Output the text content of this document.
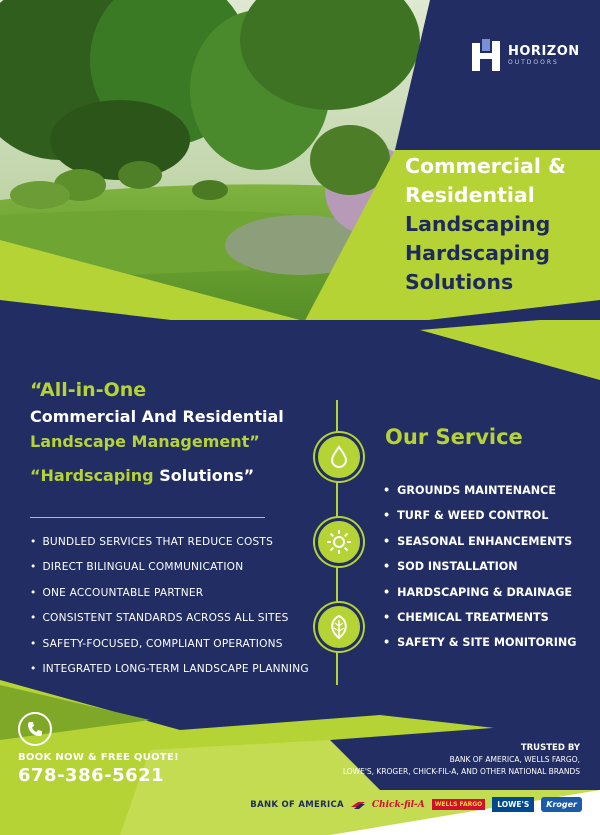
HORIZON
OUTDOORS
Commercial &
Residential
Landscaping
Hardscaping
Solutions
“All-in-One
Commercial And Residential
Landscape Management”
“Hardscaping Solutions”
• BUNDLED SERVICES THAT REDUCE COSTS
• DIRECT BILINGUAL COMMUNICATION
• ONE ACCOUNTABLE PARTNER
• CONSISTENT STANDARDS ACROSS ALL SITES
• SAFETY-FOCUSED, COMPLIANT OPERATIONS
• INTEGRATED LONG-TERM LANDSCAPE PLANNING
Our Service
• GROUNDS MAINTENANCE
• TURF & WEED CONTROL
• SEASONAL ENHANCEMENTS
• SOD INSTALLATION
• HARDSCAPING & DRAINAGE
• CHEMICAL TREATMENTS
• SAFETY & SITE MONITORING
BOOK NOW & FREE QUOTE!
678-386-5621
TRUSTED BY
BANK OF AMERICA, WELLS FARGO,
LOWE'S, KROGER, CHICK-FIL-A, AND OTHER NATIONAL BRANDS
BANK OF AMERICA	Chick-fil-A	WELLS FARGO	LOWE'S	Kroger
